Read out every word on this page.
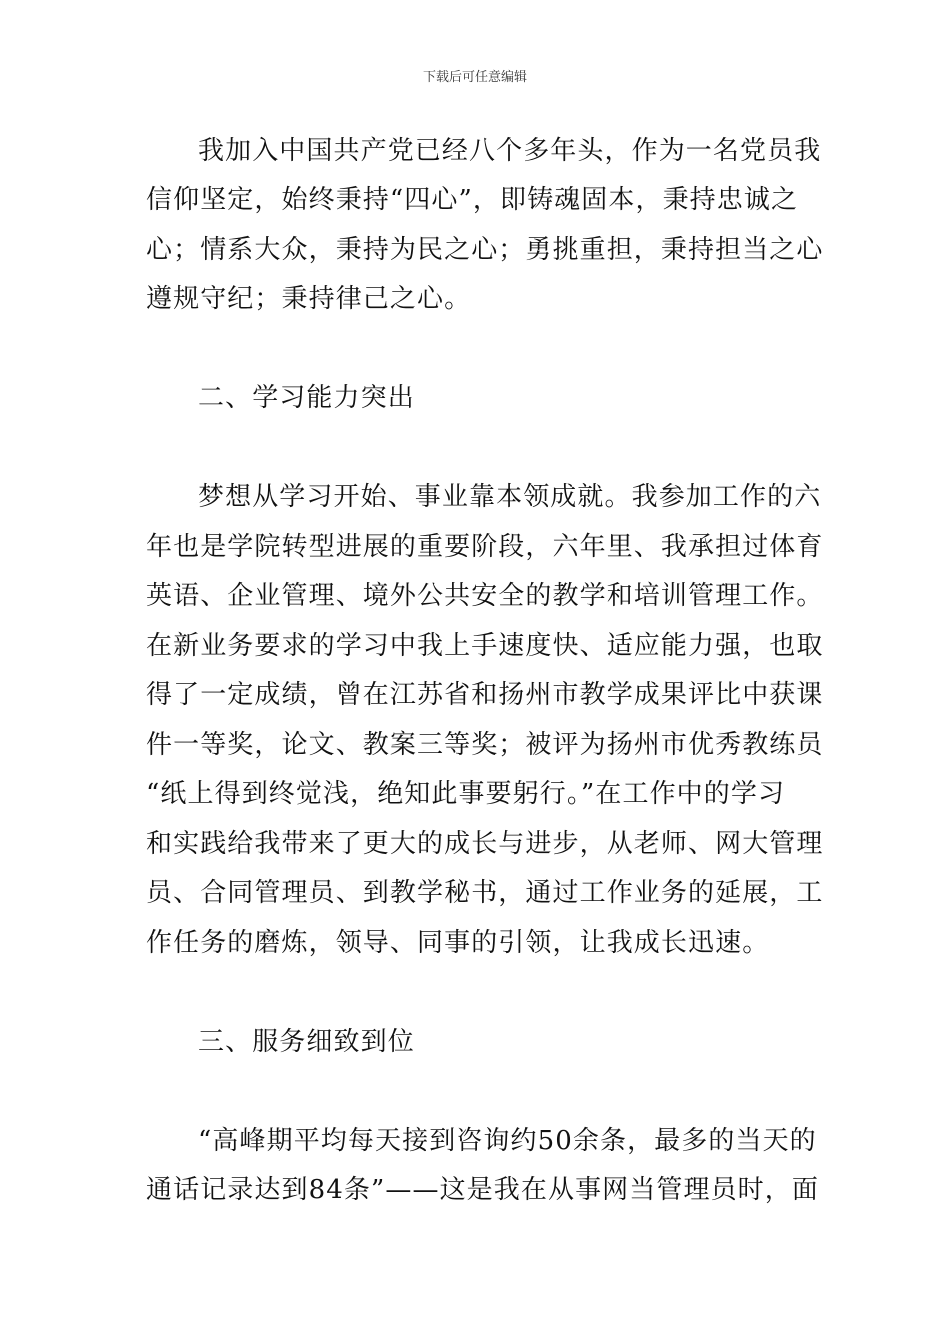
下载后可任意编辑
我加入中国共产党已经八个多年头，作为一名党员我
信仰坚定，始终秉持“四心”，即铸魂固本，秉持忠诚之
心；情系大众，秉持为民之心；勇挑重担，秉持担当之心
遵规守纪；秉持律己之心。
二、学习能力突出
梦想从学习开始、事业靠本领成就。我参加工作的六
年也是学院转型进展的重要阶段，六年里、我承担过体育
英语、企业管理、境外公共安全的教学和培训管理工作。
在新业务要求的学习中我上手速度快、适应能力强，也取
得了一定成绩，曾在江苏省和扬州市教学成果评比中获课
件一等奖，论文、教案三等奖；被评为扬州市优秀教练员
“纸上得到终觉浅，绝知此事要躬行。”在工作中的学习
和实践给我带来了更大的成长与进步，从老师、网大管理
员、合同管理员、到教学秘书，通过工作业务的延展，工
作任务的磨炼，领导、同事的引领，让我成长迅速。
三、服务细致到位
“高峰期平均每天接到咨询约50余条，最多的当天的
通话记录达到84条”——这是我在从事网当管理员时，面
